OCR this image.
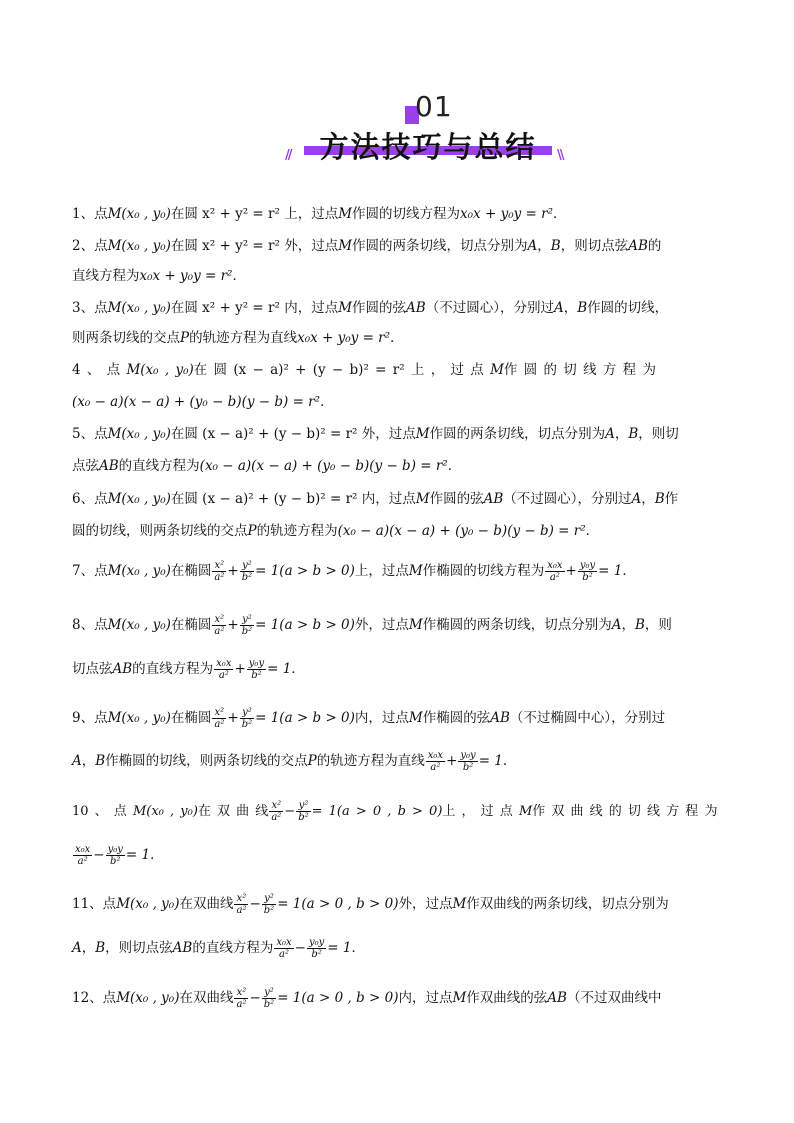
01
// 方法技巧与总结	\\
1、点M(x₀ , y₀)在圆 x² + y² = r² 上，过点M作圆的切线方程为x₀x + y₀y = r²．
2、点M(x₀ , y₀)在圆 x² + y² = r² 外，过点M作圆的两条切线，切点分别为A，B，则切点弦AB的
直线方程为x₀x + y₀y = r²．
3、点M(x₀ , y₀)在圆 x² + y² = r² 内，过点M作圆的弦AB（不过圆心），分别过A，B作圆的切线，
则两条切线的交点P的轨迹方程为直线x₀x + y₀y = r²．
4 、 点 M(x₀ , y₀)在 圆 (x − a)² + (y − b)² = r² 上 ， 过 点 M作 圆 的 切 线 方 程 为
(x₀ − a)(x − a) + (y₀ − b)(y − b) = r²．
5、点M(x₀ , y₀)在圆 (x − a)² + (y − b)² = r² 外，过点M作圆的两条切线，切点分别为A，B，则切
点弦AB的直线方程为(x₀ − a)(x − a) + (y₀ − b)(y − b) = r²．
6、点M(x₀ , y₀)在圆 (x − a)² + (y − b)² = r² 内，过点M作圆的弦AB（不过圆心），分别过A，B作
圆的切线，则两条切线的交点P的轨迹方程为(x₀ − a)(x − a) + (y₀ − b)(y − b) = r²．
7、点M(x₀ , y₀)在椭圆 $\frac{\text{x²}}{\text{a²}} + \frac{\text{y²}}{\text{b²}} = 1(a > b > 0)$上，过点M作椭圆的切线方程为 $\frac{\text{x₀x}}{\text{a²}} + \frac{\text{y₀y}}{\text{b²}} = 1$．
8、点M(x₀ , y₀)在椭圆 $\frac{\text{x²}}{\text{a²}} + \frac{\text{y²}}{\text{b²}} = 1(a > b > 0)$外，过点M作椭圆的两条切线，切点分别为A，B，则
切点弦AB的直线方程为 $\frac{\text{x₀x}}{\text{a²}} + \frac{\text{y₀y}}{\text{b²}} = 1$．
9、点M(x₀ , y₀)在椭圆 $\frac{\text{x²}}{\text{a²}} + \frac{\text{y²}}{\text{b²}} = 1(a > b > 0)$内，过点M作椭圆的弦AB（不过椭圆中心），分别过
A，B作椭圆的切线，则两条切线的交点P的轨迹方程为直线 $\frac{\text{x₀x}}{\text{a²}} + \frac{\text{y₀y}}{\text{b²}} = 1$．
10 、 点 M(x₀ , y₀)在 双 曲 线 $\frac{\text{x²}}{\text{a²}} - \frac{\text{y²}}{\text{b²}} = 1(a > 0$ , b > 0)上 ， 过 点 M作 双 曲 线 的 切 线 方 程 为
$\frac{\text{x₀x}}{\text{a²}} - \frac{\text{y₀y}}{\text{b²}} = 1$．
11、点M(x₀ , y₀)在双曲线 $\frac{\text{x²}}{\text{a²}} - \frac{\text{y²}}{\text{b²}} = 1(a > 0$ , b > 0)外，过点M作双曲线的两条切线，切点分别为
A，B，则切点弦AB的直线方程为 $\frac{\text{x₀x}}{\text{a²}} - \frac{\text{y₀y}}{\text{b²}} = 1$．
12、点M(x₀ , y₀)在双曲线 $\frac{\text{x²}}{\text{a²}} - \frac{\text{y²}}{\text{b²}} = 1(a > 0$ , b > 0)内，过点M作双曲线的弦AB（不过双曲线中
